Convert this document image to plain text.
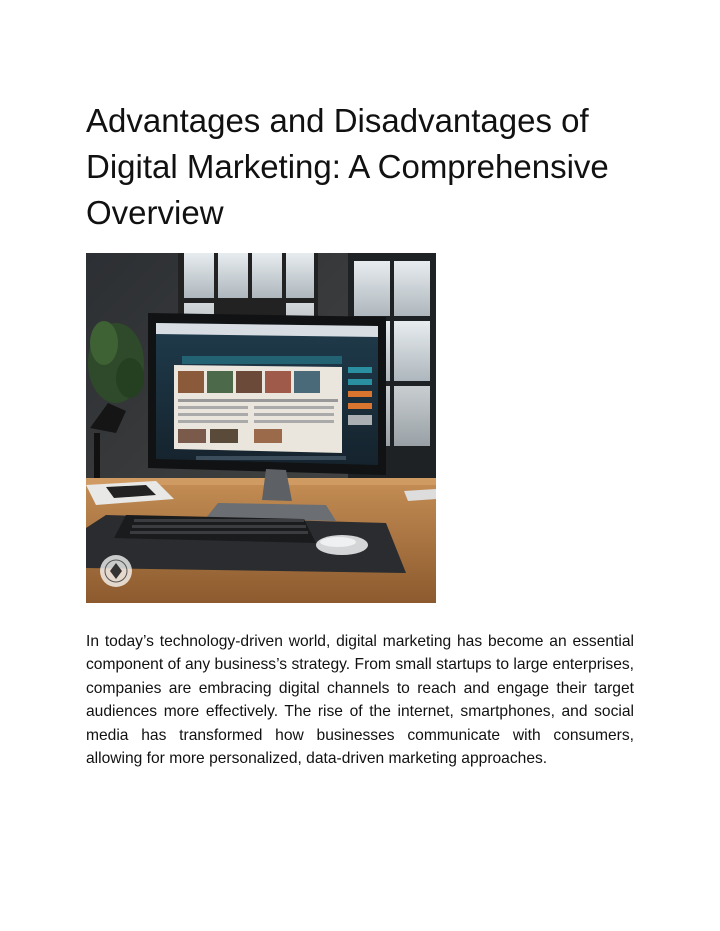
Advantages and Disadvantages of Digital Marketing: A Comprehensive Overview

In today’s technology-driven world, digital marketing has become an essential component of any business’s strategy. From small startups to large enterprises, companies are embracing digital channels to reach and engage their target audiences more effectively. The rise of the internet, smartphones, and social media has transformed how businesses communicate with consumers, allowing for more personalized, data-driven marketing approaches.
